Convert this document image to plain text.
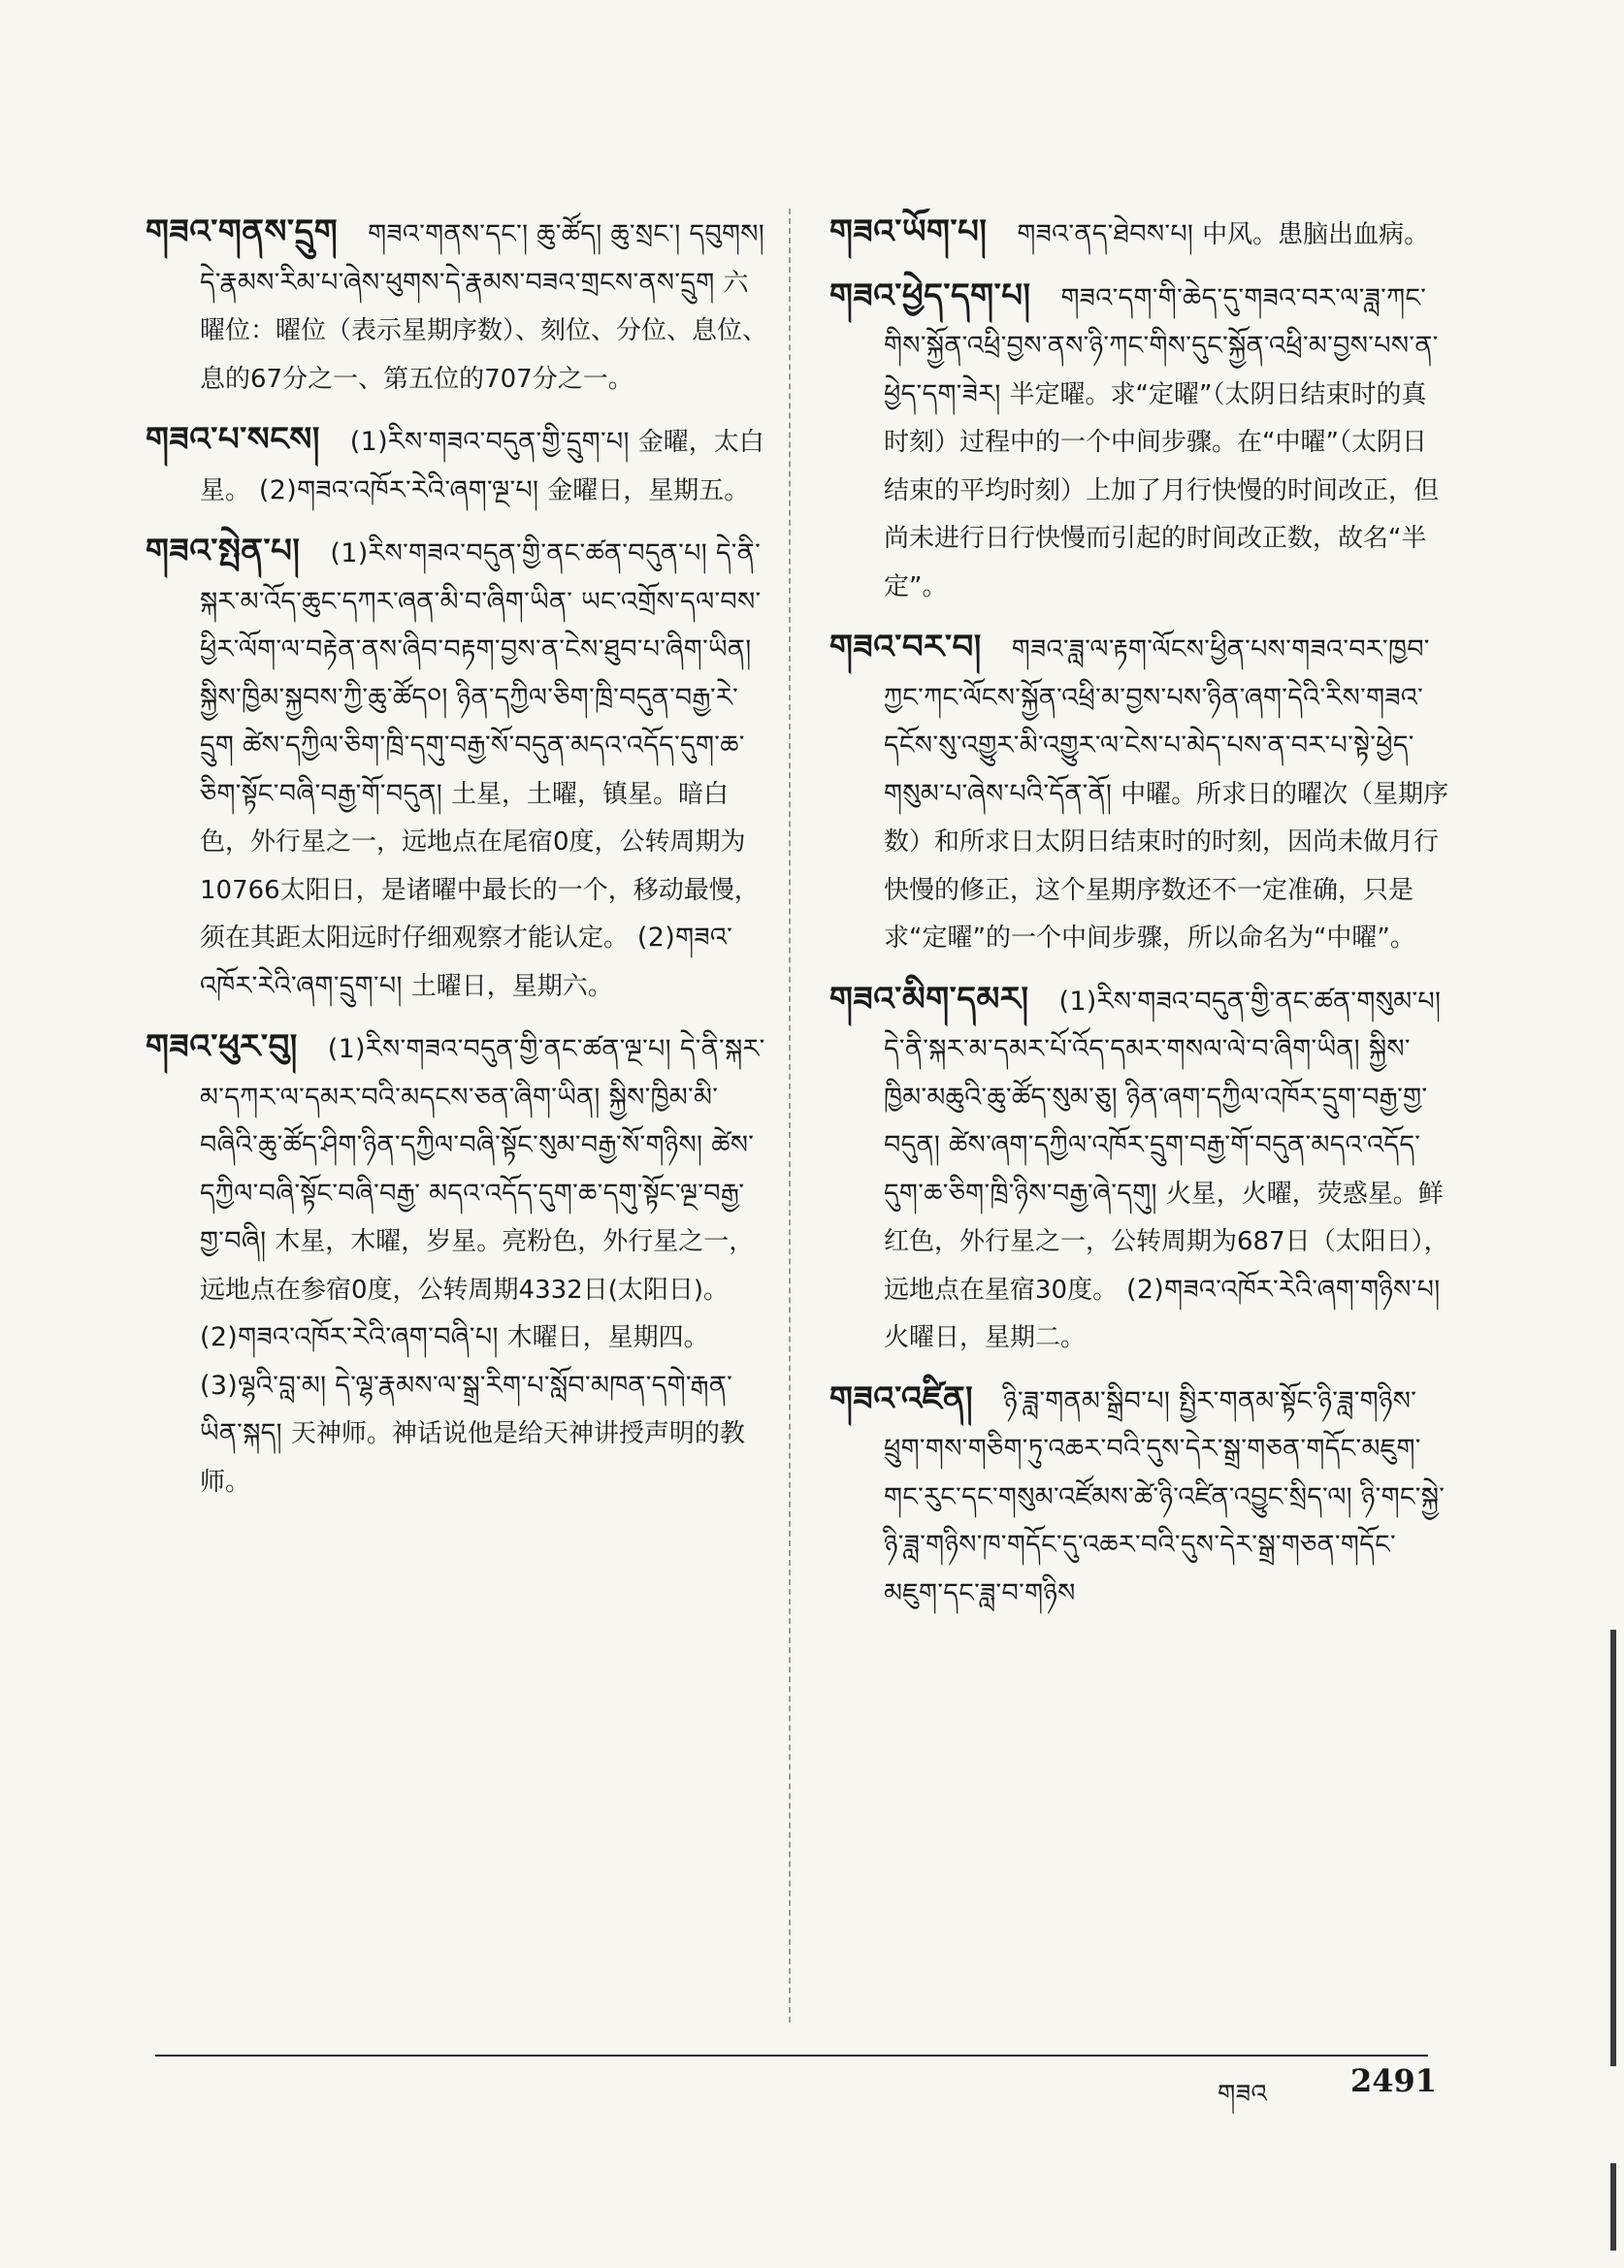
གཟའ་གནས་དྲུག གཟའ་གནས་དང་། ཆུ་ཚོད། ཆུ་སྲང་། དབུགས། དེ་རྣམས་རིམ་པ་ཞེས་ཕུགས་དེ་རྣམས་བཟའ་གྲངས་ནས་དྲུག 六曜位：曜位（表示星期序数）、刻位、分位、息位、息的67分之一、第五位的707分之一。
གཟའ་པ་སངས། (1)རིས་གཟའ་བདུན་གྱི་དྲུག་པ། 金曜，太白星。 (2)གཟའ་འཁོར་རེའི་ཞག་ལྔ་པ། 金曜日，星期五。
གཟའ་སྤེན་པ། (1)རིས་གཟའ་བདུན་གྱི་ནང་ཚན་བདུན་པ། དེ་ནི་སྐར་མ་འོད་ཆུང་དཀར་ཞན་མི་བ་ཞིག་ཡིན་ ཡང་འགྲོས་དལ་བས་ཕྱིར་ལོག་ལ་བརྟེན་ནས་ཞིབ་བརྟག་བྱས་ན་ངེས་ཐུབ་པ་ཞིག་ཡིན། སྐྱིས་ཁྱིམ་སྐྱབས་ཀྱི་ཆུ་ཚོད༠། ཉིན་དཀྱིལ་ཅིག་ཁྲི་བདུན་བརྒྱ་རེ་དྲུག ཚེས་དཀྱིལ་ཅིག་ཁྲི་དགུ་བརྒྱ་སོ་བདུན་མདའ་འདོད་དུག་ཆ་ཅིག་སྟོང་བཞི་བརྒྱ་གོ་བདུན། 土星，土曜，镇星。暗白色，外行星之一，远地点在尾宿0度，公转周期为10766太阳日，是诸曜中最长的一个，移动最慢，须在其距太阳远时仔细观察才能认定。 (2)གཟའ་འཁོར་རེའི་ཞག་དྲུག་པ། 土曜日，星期六。
གཟའ་ཕུར་བུ། (1)རིས་གཟའ་བདུན་གྱི་ནང་ཚན་ལྔ་པ། དེ་ནི་སྐར་མ་དཀར་ལ་དམར་བའི་མདངས་ཅན་ཞིག་ཡིན། སྐྱིས་ཁྱིམ་མི་བཞིའི་ཆུ་ཚོད་ཤིག་ཉིན་དཀྱིལ་བཞི་སྟོང་སུམ་བརྒྱ་སོ་གཉིས། ཚེས་དཀྱིལ་བཞི་སྟོང་བཞི་བརྒྱ་ མདའ་འདོད་དུག་ཆ་དགུ་སྟོང་ལྔ་བརྒྱ་གྱ་བཞི། 木星，木曜，岁星。亮粉色，外行星之一，远地点在参宿0度，公转周期4332日(太阳日)。 (2)གཟའ་འཁོར་རེའི་ཞག་བཞི་པ། 木曜日，星期四。 (3)ལྷའི་བླ་མ། དེ་ལྷ་རྣམས་ལ་སྒྲ་རིག་པ་སློབ་མཁན་དགེ་རྒན་ཡིན་སྐད། 天神师。神话说他是给天神讲授声明的教师。
གཟའ་ཡོག་པ། གཟའ་ནད་ཐེབས་པ། 中风。患脑出血病。
གཟའ་ཕྱེད་དག་པ། གཟའ་དག་གི་ཆེད་དུ་གཟའ་བར་ལ་ཟླ་ཀང་གིས་སྐྱོན་འཕྲི་བྱས་ནས་ཉི་ཀང་གིས་དུང་སྐྱོན་འཕྲི་མ་བྱས་པས་ན་ཕྱེད་དག་ཟེར། 半定曜。求“定曜”（太阴日结束时的真时刻）过程中的一个中间步骤。在“中曜”（太阴日结束的平均时刻）上加了月行快慢的时间改正，但尚未进行日行快慢而引起的时间改正数，故名“半定”。
གཟའ་བར་བ། གཟའ་ཟླ་ལ་རྟག་ལོངས་ཕྱིན་པས་གཟའ་བར་ཁྱབ་ཀྱང་ཀང་ལོངས་སྐྱོན་འཕྲི་མ་བྱས་པས་ཉིན་ཞག་དེའི་རིས་གཟའ་དངོས་སུ་འགྱུར་མི་འགྱུར་ལ་ངེས་པ་མེད་པས་ན་བར་པ་སྟེ་ཕྱེད་གསུམ་པ་ཞེས་པའི་དོན་ནོ། 中曜。所求日的曜次（星期序数）和所求日太阴日结束时的时刻，因尚未做月行快慢的修正，这个星期序数还不一定准确，只是求“定曜”的一个中间步骤，所以命名为“中曜”。
གཟའ་མིག་དམར། (1)རིས་གཟའ་བདུན་གྱི་ནང་ཚན་གསུམ་པ། དེ་ནི་སྐར་མ་དམར་པོ་འོད་དམར་གསལ་ལེ་བ་ཞིག་ཡིན། སྐྱིས་ཁྱིམ་མཆུའི་ཆུ་ཚོད་སུམ་ཅུ། ཉིན་ཞག་དཀྱིལ་འཁོར་དྲུག་བརྒྱ་གྱ་བདུན། ཚེས་ཞག་དཀྱིལ་འཁོར་དྲུག་བརྒྱ་གོ་བདུན་མདའ་འདོད་དུག་ཆ་ཅིག་ཁྲི་ཉིས་བརྒྱ་ཞེ་དགུ། 火星，火曜，荧惑星。鲜红色，外行星之一，公转周期为687日（太阳日），远地点在星宿30度。 (2)གཟའ་འཁོར་རེའི་ཞག་གཉིས་པ། 火曜日，星期二。
གཟའ་འཛིན། ཉི་ཟླ་གནམ་སྒྲིབ་པ། སྤྱིར་གནམ་སྟོང་ཉི་ཟླ་གཉིས་ཕྲུག་གས་གཅིག་ཏུ་འཆར་བའི་དུས་དེར་སྒྲ་གཅན་གདོང་མཇུག་གང་རུང་དང་གསུམ་འཛོམས་ཚེ་ཉི་འཛིན་འབྱུང་སྲིད་ལ། ཉི་གང་སྐྱེ་ཉི་ཟླ་གཉིས་ཁ་གདོང་དུ་འཆར་བའི་དུས་དེར་སྒྲ་གཅན་གདོང་མཇུག་དང་ཟླ་བ་གཉིས
གཟའ	2491
